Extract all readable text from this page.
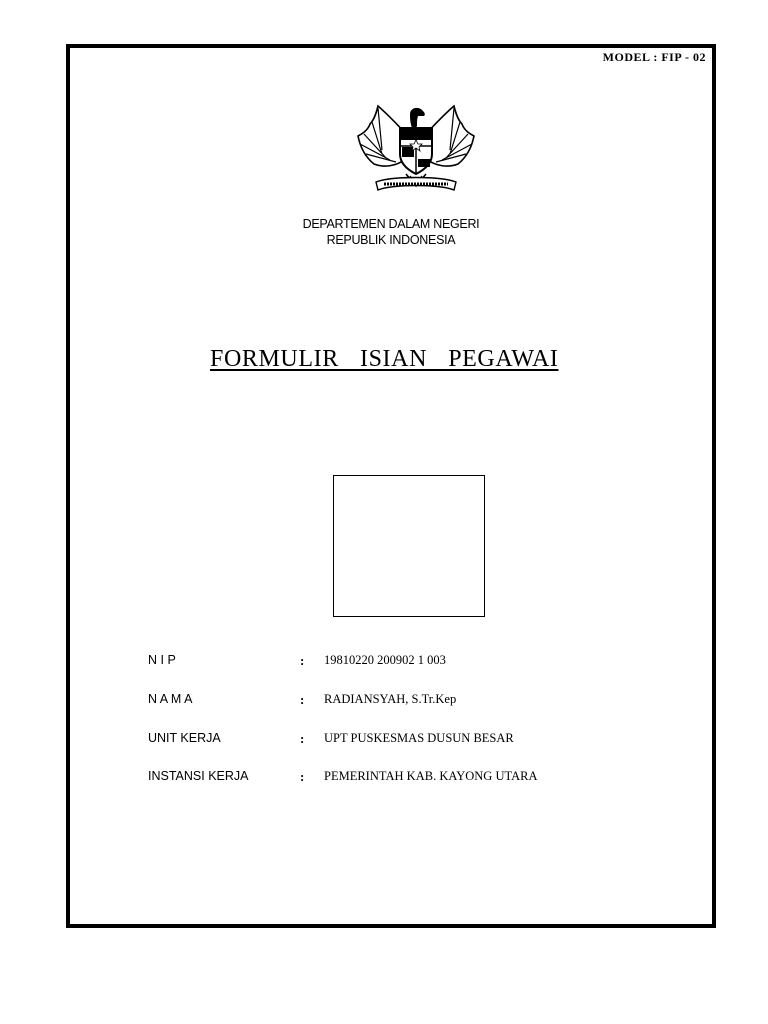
MODEL : FIP - 02
DEPARTEMEN DALAM NEGERI
REPUBLIK INDONESIA
FORMULIR  ISIAN  PEGAWAI
N I P	: 19810220 200902 1 003
N A M A	: RADIANSYAH, S.Tr.Kep
UNIT KERJA	: UPT PUSKESMAS DUSUN BESAR
INSTANSI KERJA	: PEMERINTAH KAB. KAYONG UTARA
